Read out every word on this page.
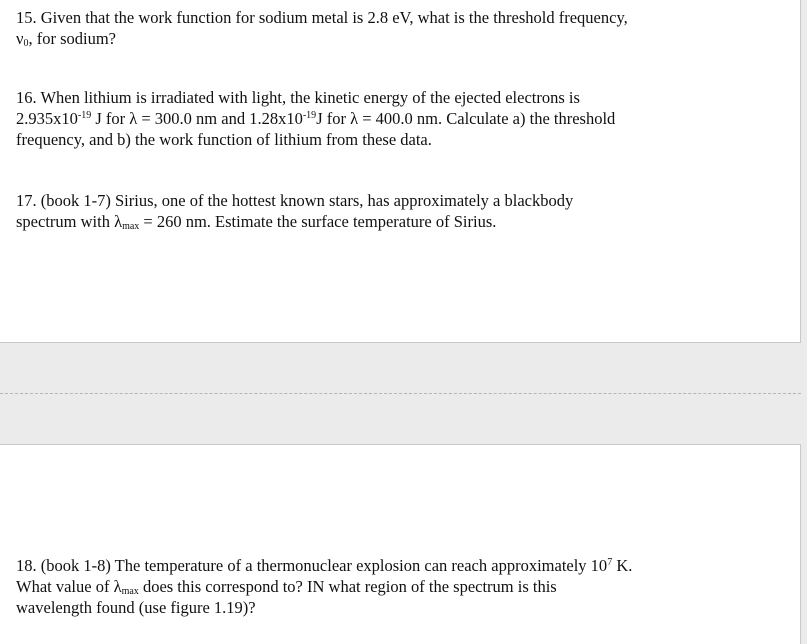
15. Given that the work function for sodium metal is 2.8 eV, what is the threshold frequency,
$\nu_0$, for sodium?

16. When lithium is irradiated with light, the kinetic energy of the ejected electrons is
$2.935x10^{-19}$ J for λ = 300.0 nm and $1.28x10^{-19}J$ for λ = 400.0 nm. Calculate a) the threshold
frequency, and b) the work function of lithium from these data.

17. (book 1-7) Sirius, one of the hottest known stars, has approximately a blackbody
spectrum with $\lambda_{max} = 260$ nm. Estimate the surface temperature of Sirius.

18. (book 1-8) The temperature of a thermonuclear explosion can reach approximately $10^7$ K.
What value of $\lambda_{max}$ does this correspond to? IN what region of the spectrum is this
wavelength found (use figure 1.19)?
